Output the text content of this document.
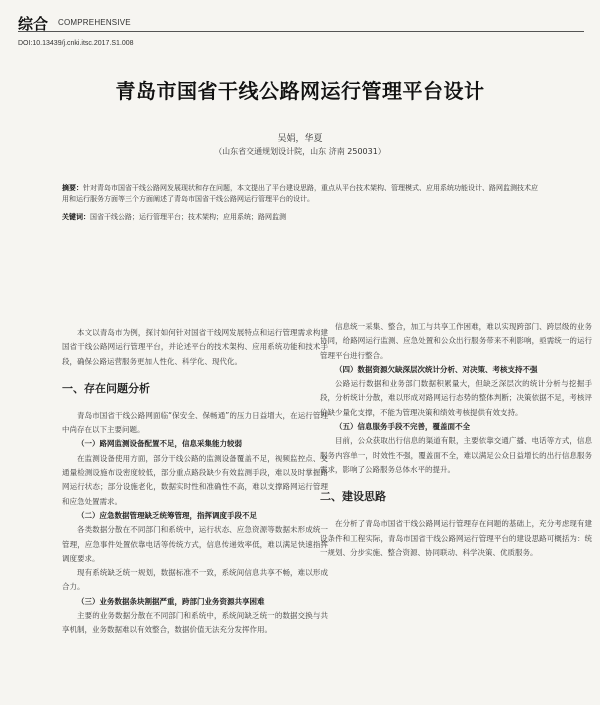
综合 COMPREHENSIVE
DOI:10.13439/j.cnki.itsc.2017.S1.008
青岛市国省干线公路网运行管理平台设计
吴娟，华夏
（山东省交通规划设计院，山东 济南 250031）
摘要：针对青岛市国省干线公路网发展现状和存在问题，本文提出了平台建设思路，重点从平台技术架构、管理模式、应用系统功能设计、路网监测技术应用和运行服务方面等三个方面阐述了青岛市国省干线公路网运行管理平台的设计。
关键词：国省干线公路；运行管理平台；技术架构；应用系统；路网监测

本文以青岛市为例，探讨如何针对国省干线网发展特点和运行管理需求构建国省干线公路网运行管理平台，并论述平台的技术架构、应用系统功能和技术手段，确保公路运营服务更加人性化、科学化、现代化。

一、存在问题分析

青岛市国省干线公路网面临“保安全、保畅通”的压力日益增大，在运行管理中尚存在以下主要问题。

（一）路网监测设备配置不足，信息采集能力较弱

在监测设备使用方面，部分干线公路的监测设备覆盖不足，视频监控点、交通量检测设施布设密度较低，部分重点路段缺少有效监测手段，难以及时掌握路网运行状态；部分设施老化，数据实时性和准确性不高，难以支撑路网运行管理和应急处置需求。

（二）应急数据管理缺乏统筹管理，指挥调度手段不足

各类数据分散在不同部门和系统中，运行状态、应急资源等数据未形成统一管理，应急事件处置依靠电话等传统方式，信息传递效率低，难以满足快速指挥调度要求。

现有系统缺乏统一规划，数据标准不一致，系统间信息共享不畅，难以形成合力。

（三）业务数据条块割据严重，跨部门业务资源共享困难

主要的业务数据分散在不同部门和系统中，系统间缺乏统一的数据交换与共享机制，业务数据难以有效整合，数据价值无法充分发挥作用。

信息统一采集、整合，加工与共享工作困难，难以实现跨部门、跨层级的业务协同，给路网运行监测、应急处置和公众出行服务带来不利影响，亟需统一的运行管理平台进行整合。

（四）数据资源欠缺深层次统计分析、对决策、考核支持不强

公路运行数据和业务部门数据积累量大，但缺乏深层次的统计分析与挖掘手段，分析统计分散，难以形成对路网运行态势的整体判断；决策依据不足，考核评价缺少量化支撑，不能为管理决策和绩效考核提供有效支持。

（五）信息服务手段不完善，覆盖面不全

目前，公众获取出行信息的渠道有限，主要依靠交通广播、电话等方式，信息服务内容单一，时效性不强，覆盖面不全，难以满足公众日益增长的出行信息服务需求，影响了公路服务总体水平的提升。

二、建设思路

在分析了青岛市国省干线公路网运行管理存在问题的基础上，充分考虑现有建设条件和工程实际，青岛市国省干线公路网运行管理平台的建设思路可概括为：统一规划、分步实施、整合资源、协同联动、科学决策、优质服务。
